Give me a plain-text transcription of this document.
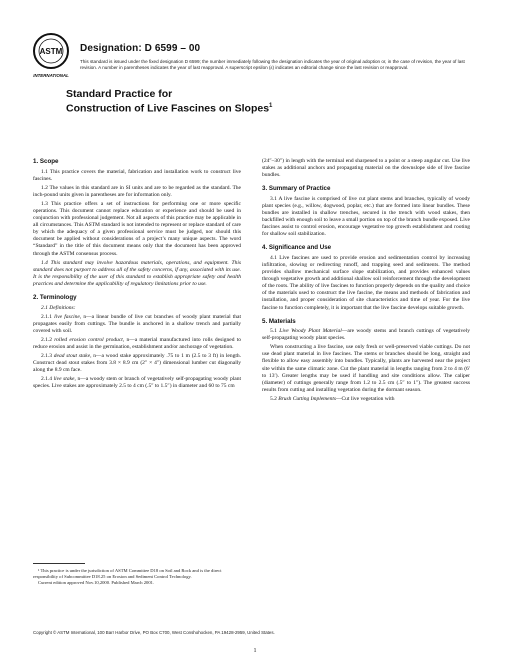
ASTM
INTERNATIONAL
Designation: D 6599 – 00
This standard is issued under the fixed designation D 6599; the number immediately following the designation indicates the year of original adoption or, in the case of revision, the year of last revision. A number in parentheses indicates the year of last reapproval. A superscript epsilon (ε) indicates an editorial change since the last revision or reapproval.
Standard Practice for
Construction of Live Fascines on Slopes$^1$
1. Scope

1.1 This practice covers the material, fabrication and installation work to construct live fascines.

1.2 The values in this standard are in SI units and are to be regarded as the standard. The inch-pound units given in parentheses are for information only.

1.3 This practice offers a set of instructions for performing one or more specific operations. This document cannot replace education or experience and should be used in conjunction with professional judgement. Not all aspects of this practice may be applicable in all circumstances. This ASTM standard is not intended to represent or replace standard of care by which the adequacy of a given professional service must be judged, nor should this document be applied without considerations of a project’s many unique aspects. The word “Standard” in the title of this document means only that the document has been approved through the ASTM consensus process.

1.4 This standard may involve hazardous materials, operations, and equipment. This standard does not purport to address all of the safety concerns, if any, associated with its use. It is the responsibility of the user of this standard to establish appropriate safety and health practices and determine the applicability of regulatory limitations prior to use.

2. Terminology

2.1 Definitions:

2.1.1 live fascine, n—a linear bundle of live cut branches of woody plant material that propagates easily from cuttings. The bundle is anchored in a shallow trench and partially covered with soil.

2.1.2 rolled erosion control product, n—a material manufactured into rolls designed to reduce erosion and assist in the germination, establishment and/or anchorage of vegetation.

2.1.3 dead stout stake, n—a wood stake approximately .75 to 1 m (2.5 to 3 ft) in length. Construct dead stout stakes from 3.8 × 8.9 cm (2″ × 4″) dimensional lumber cut diagonally along the 8.9 cm face.

2.1.4 live stake, n—a woody stem or branch of vegetatively self-propagating woody plant species. Live stakes are approximately 2.5 to 4 cm (.5″ to 1.5″) in diameter and 60 to 75 cm

¹ This practice is under the jurisdiction of ASTM Committee D18 on Soil and Rock and is the direct responsibility of Subcommittee D18.25 on Erosion and Sediment Control Technology.

Current edition approved Nov.10,2000. Published March 2001.

(24″–30″) in length with the terminal end sharpened to a point or a steep angular cut. Use live stakes as additional anchors and propagating material on the downslope side of live fascine bundles.

3. Summary of Practice

3.1 A live fascine is comprised of live cut plant stems and branches, typically of woody plant species (e.g., willow, dogwood, poplar, etc.) that are formed into linear bundles. These bundles are installed in shallow trenches, secured in the trench with wood stakes, then backfilled with enough soil to leave a small portion on top of the branch bundle exposed. Live fascines assist to control erosion, encourage vegetative top growth establishment and rooting for shallow soil stabilization.

4. Significance and Use

4.1 Live fascines are used to provide erosion and sedimentation control by increasing infiltration, slowing or redirecting runoff, and trapping seed and sediments. The method provides shallow mechanical surface slope stabilization, and provides enhanced values through vegetative growth and additional shallow soil reinforcement through the development of the roots. The ability of live fascines to function properly depends on the quality and choice of the materials used to construct the live fascine, the means and methods of fabrication and installation, and proper consideration of site characteristics and time of year. For the live fascine to function completely, it is important that the live fascine develops suitable growth.

5. Materials

5.1 Live Woody Plant Material—are woody stems and branch cuttings of vegetatively self-propagating woody plant species.

When constructing a live fascine, use only fresh or well-preserved viable cuttings. Do not use dead plant material in live fascines. The stems or branches should be long, straight and flexible to allow easy assembly into bundles. Typically, plants are harvested near the project site within the same climatic zone. Cut the plant material in lengths ranging from 2 to 4 m (6′ to 13′). Greater lengths may be used if handling and site conditions allow. The caliper (diameter) of cuttings generally range from 1.2 to 2.5 cm (.5″ to 1″). The greatest success results from cutting and installing vegetation during the dormant season.

5.2 Brush Cutting Implements—Cut live vegetation with

Copyright © ASTM International, 100 Barr Harbor Drive, PO Box C700, West Conshohocken, PA 19428-2959, United States.
1
